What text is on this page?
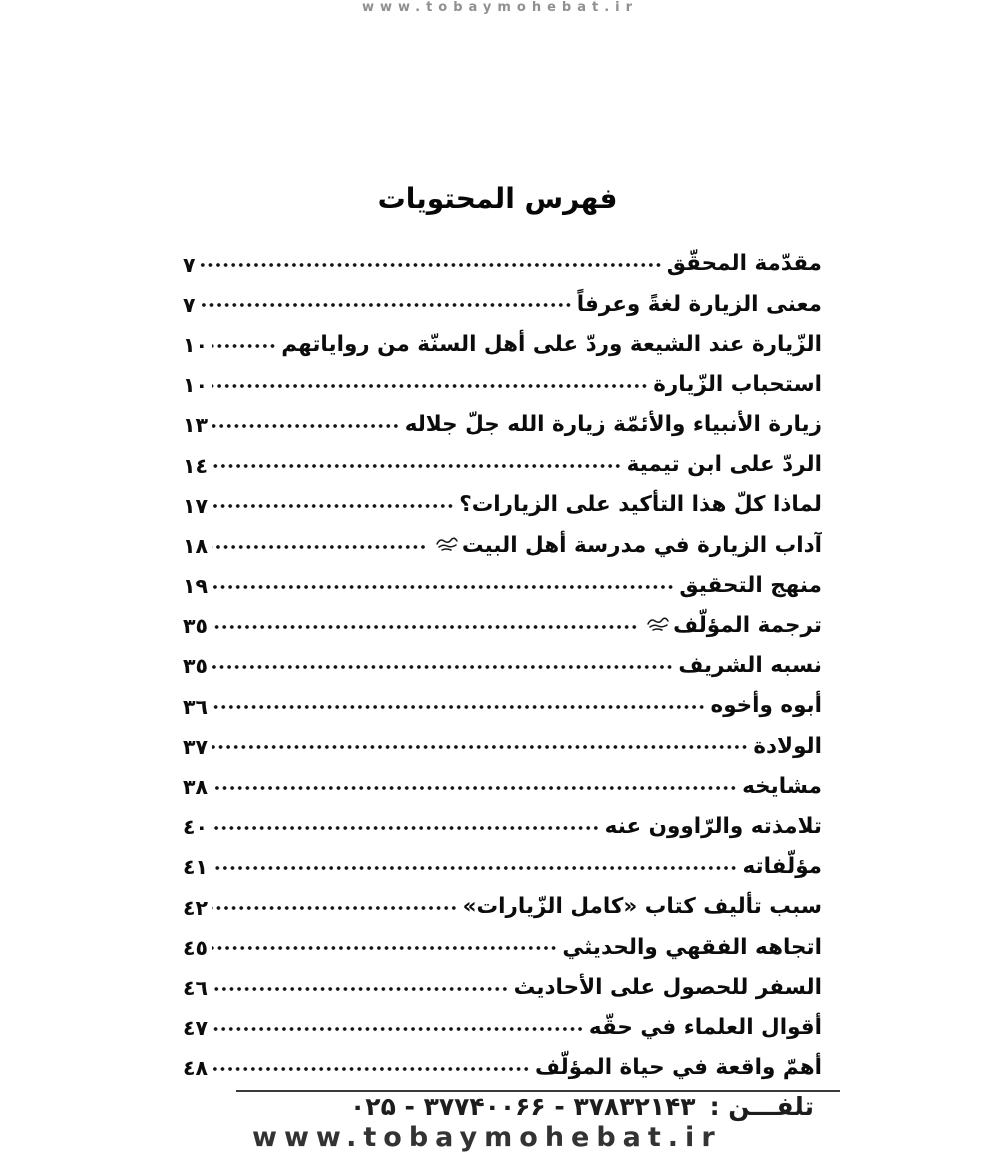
www.tobaymohebat.ir
فهرس المحتويات
مقدّمة المحقّق
٧
معنى الزيارة لغةً وعرفاً
٧
الزّيارة عند الشيعة وردّ على أهل السنّة من رواياتهم
١٠
استحباب الزّيارة
١٠
زيارة الأنبياء والأئمّة زيارة الله جلّ جلاله
١٣
الردّ على ابن تيمية
١٤
لماذا كلّ هذا التأكيد على الزيارات؟
١٧
آداب الزيارة في مدرسة أهل البيت
١٨
منهج التحقيق
١٩
ترجمة المؤلّف
٣٥
نسبه الشريف
٣٥
أبوه وأخوه
٣٦
الولادة
٣٧
مشايخه
٣٨
تلامذته والرّاوون عنه
٤٠
مؤلّفاته
٤١
سبب تأليف كتاب «كامل الزّيارات»
٤٢
اتجاهه الفقهي والحديثي
٤٥
السفر للحصول على الأحاديث
٤٦
أقوال العلماء في حقّه
٤٧
أهمّ واقعة في حياة المؤلّف
٤٨
تلفـــن :۳۷۸۳۲۱۴۳ - ۳۷۷۴۰۰۶۶ - ۰۲۵
www.tobaymohebat.ir
